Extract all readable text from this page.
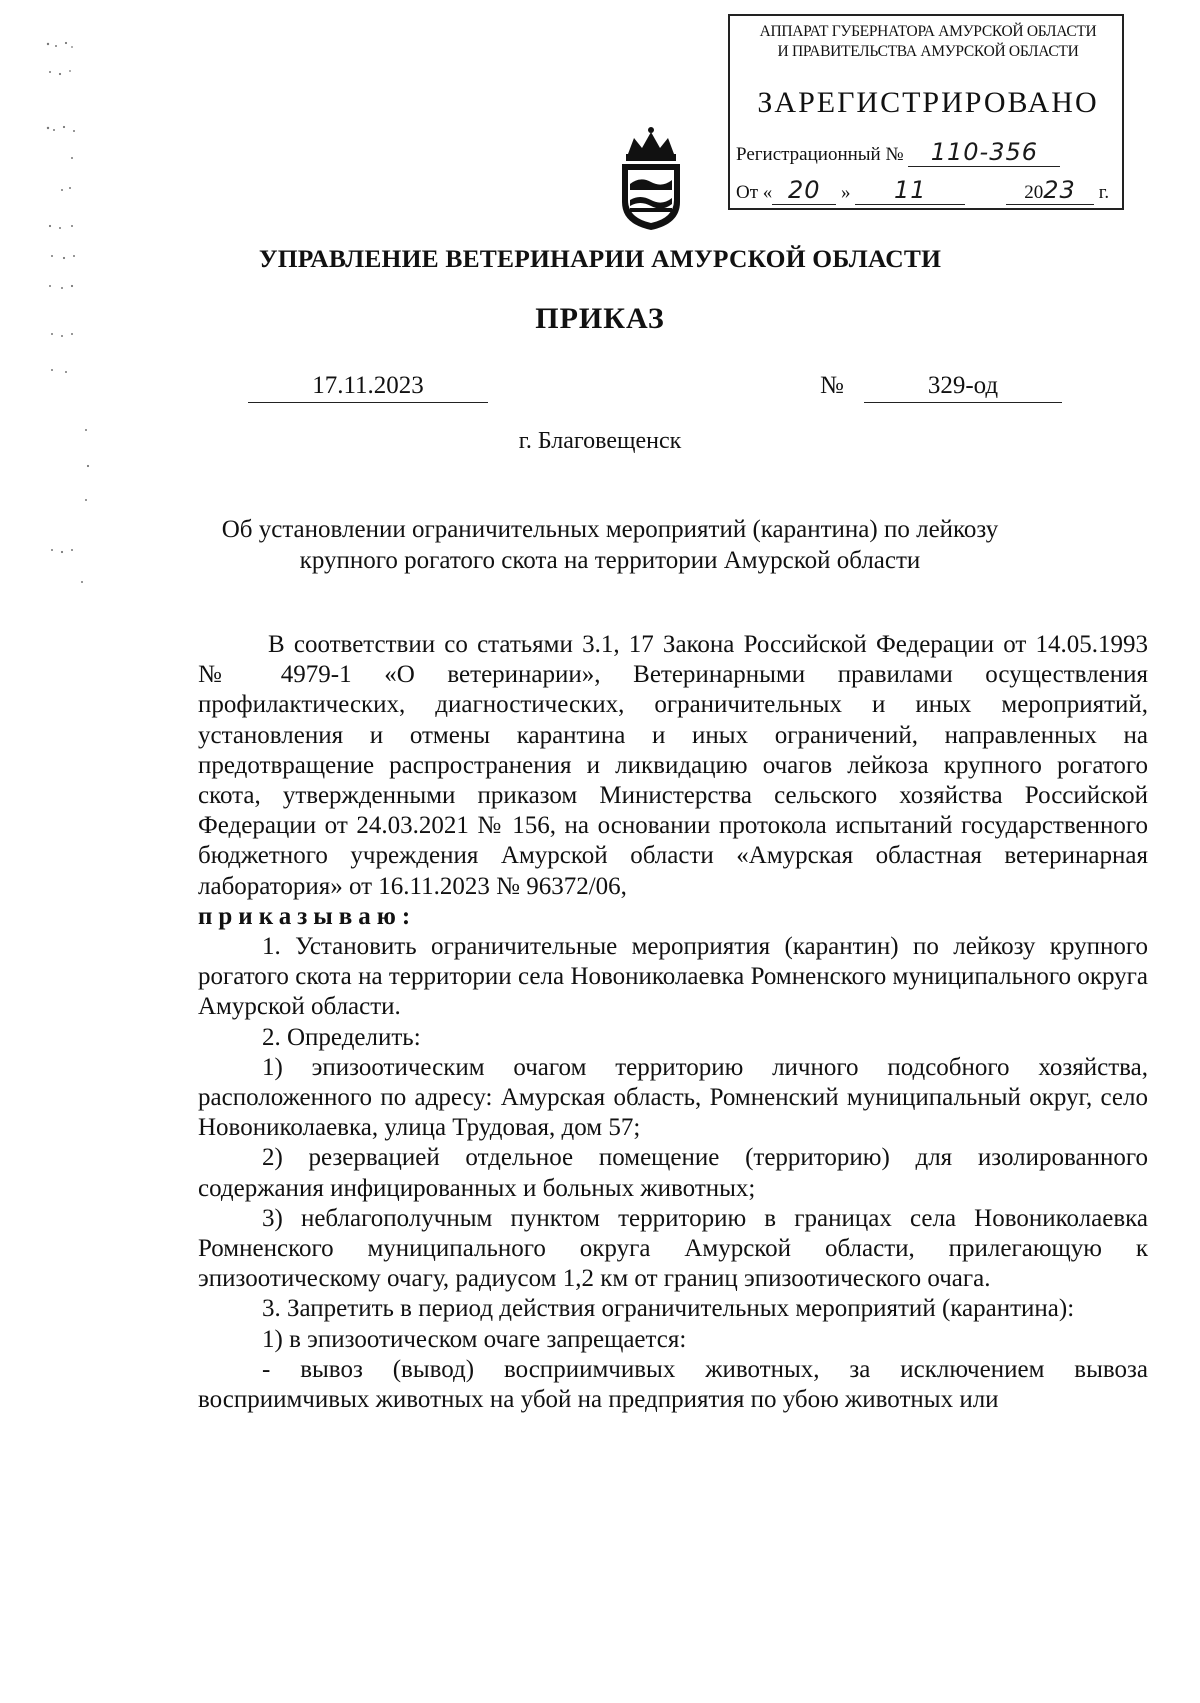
АППАРАТ ГУБЕРНАТОРА АМУРСКОЙ ОБЛАСТИ
И ПРАВИТЕЛЬСТВА АМУРСКОЙ ОБЛАСТИ
ЗАРЕГИСТРИРОВАНО
Регистрационный № 110-356
От « 20 » 11	2023 г.
УПРАВЛЕНИЕ ВЕТЕРИНАРИИ АМУРСКОЙ ОБЛАСТИ
ПРИКАЗ
17.11.2023	№	329-од
г. Благовещенск
Об установлении ограничительных мероприятий (карантина) по лейкозу
крупного рогатого скота на территории Амурской области

В соответствии со статьями 3.1, 17 Закона Российской Федерации от 14.05.1993 № 4979-1 «О ветеринарии», Ветеринарными правилами осуществления профилактических, диагностических, ограничительных и иных мероприятий, установления и отмены карантина и иных ограничений, направленных на предотвращение распространения и ликвидацию очагов лейкоза крупного рогатого скота, утвержденными приказом Министерства сельского хозяйства Российской Федерации от 24.03.2021 № 156, на основании протокола испытаний государственного бюджетного учреждения Амурской области «Амурская областная ветеринарная лаборатория» от 16.11.2023 № 96372/06,

приказываю:

1. Установить ограничительные мероприятия (карантин) по лейкозу крупного рогатого скота на территории села Новониколаевка Ромненского муниципального округа Амурской области.

2. Определить:

1) эпизоотическим очагом территорию личного подсобного хозяйства, расположенного по адресу: Амурская область, Ромненский муниципальный округ, село Новониколаевка, улица Трудовая, дом 57;

2) резервацией отдельное помещение (территорию) для изолированного содержания инфицированных и больных животных;

3) неблагополучным пунктом территорию в границах села Новониколаевка Ромненского муниципального округа Амурской области, прилегающую к эпизоотическому очагу, радиусом 1,2 км от границ эпизоотического очага.

3. Запретить в период действия ограничительных мероприятий (карантина):

1) в эпизоотическом очаге запрещается:

- вывоз (вывод) восприимчивых животных, за исключением вывоза восприимчивых животных на убой на предприятия по убою животных или
